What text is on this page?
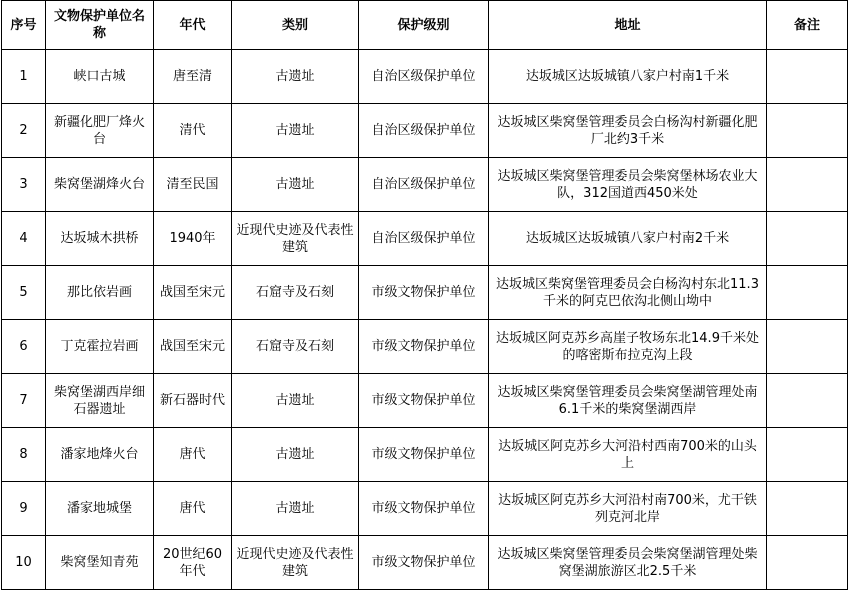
序号	文物保护单位名称	年代	类别	保护级别	地址	备注
1	峡口古城	唐至清	古遗址	自治区级保护单位	达坂城区达坂城镇八家户村南1千米	
2	新疆化肥厂烽火台	清代	古遗址	自治区级保护单位	达坂城区柴窝堡管理委员会白杨沟村新疆化肥厂北约3千米	
3	柴窝堡湖烽火台	清至民国	古遗址	自治区级保护单位	达坂城区柴窝堡管理委员会柴窝堡林场农业大队，312国道西450米处	
4	达坂城木拱桥	1940年	近现代史迹及代表性建筑	自治区级保护单位	达坂城区达坂城镇八家户村南2千米	
5	那比依岩画	战国至宋元	石窟寺及石刻	市级文物保护单位	达坂城区柴窝堡管理委员会白杨沟村东北11.3 千米的阿克巴依沟北侧山坳中	
6	丁克霍拉岩画	战国至宋元	石窟寺及石刻	市级文物保护单位	达坂城区阿克苏乡高崖子牧场东北14.9千米处的喀密斯布拉克沟上段	
7	柴窝堡湖西岸细石器遗址	新石器时代	古遗址	市级文物保护单位	达坂城区柴窝堡管理委员会柴窝堡湖管理处南6.1千米的柴窝堡湖西岸	
8	潘家地烽火台	唐代	古遗址	市级文物保护单位	达坂城区阿克苏乡大河沿村西南700米的山头上	
9	潘家地城堡	唐代	古遗址	市级文物保护单位	达坂城区阿克苏乡大河沿村南700米，尤干铁列克河北岸	
10	柴窝堡知青苑	20世纪60年代	近现代史迹及代表性建筑	市级文物保护单位	达坂城区柴窝堡管理委员会柴窝堡湖管理处柴窝堡湖旅游区北2.5千米	
